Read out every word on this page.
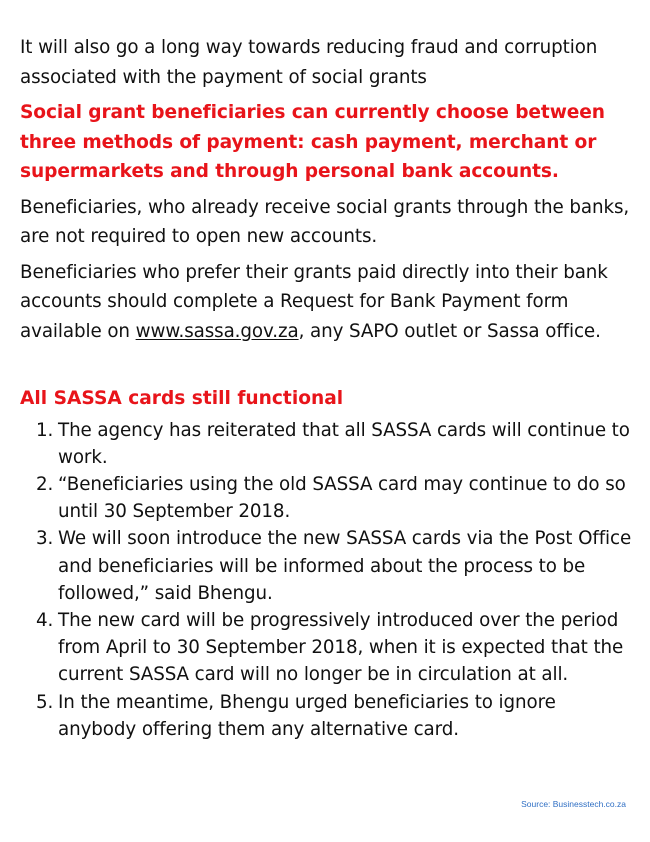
It will also go a long way towards reducing fraud and corruption associated with the payment of social grants

Social grant beneficiaries can currently choose between three methods of payment: cash payment, merchant or supermarkets and through personal bank accounts.

Beneficiaries, who already receive social grants through the banks, are not required to open new accounts.

Beneficiaries who prefer their grants paid directly into their bank accounts should complete a Request for Bank Payment form available on www.sassa.gov.za, any SAPO outlet or Sassa office.

All SASSA cards still functional
1. The agency has reiterated that all SASSA cards will continue to work.
2. “Beneficiaries using the old SASSA card may continue to do so until 30 September 2018.
3. We will soon introduce the new SASSA cards via the Post Office and beneficiaries will be informed about the process to be followed,” said Bhengu.
4. The new card will be progressively introduced over the period from April to 30 September 2018, when it is expected that the current SASSA card will no longer be in circulation at all.
5. In the meantime, Bhengu urged beneficiaries to ignore anybody offering them any alternative card.
Source: Businesstech.co.za
